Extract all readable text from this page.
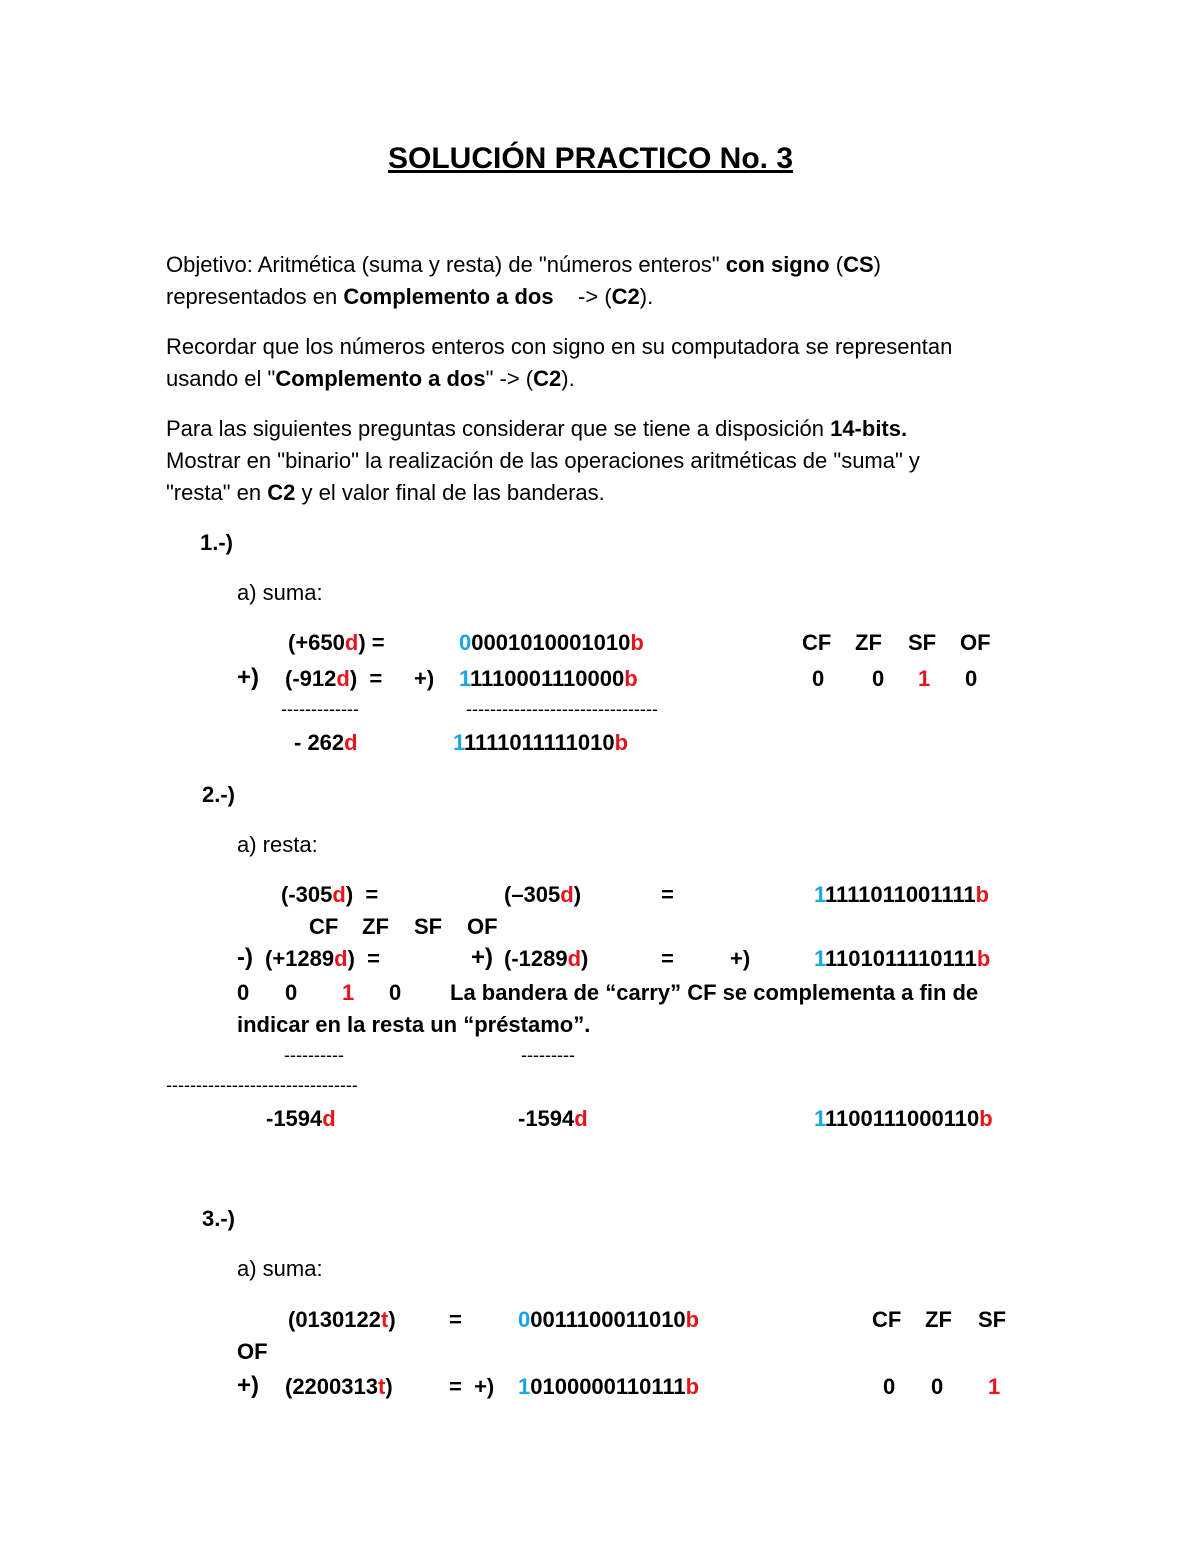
SOLUCIÓN PRACTICO No. 3
Objetivo: Aritmética (suma y resta) de "números enteros" con signo (CS)
representados en Complemento a dos    -> (C2).
Recordar que los números enteros con signo en su computadora se representan
usando el "Complemento a dos" -> (C2).
Para las siguientes preguntas considerar que se tiene a disposición 14-bits.
Mostrar en "binario" la realización de las operaciones aritméticas de "suma" y
"resta" en C2 y el valor final de las banderas.
1.-)
a) suma:
(+650d) =	00001010001010b	CF ZF SF OF
+) (-912d)  = +) 11110001110000b	0 0 1 0
-------------	--------------------------------
- 262d	11111011111010b
2.-)
a) resta:
(-305d)  =	(–305d)	=	11111011001111b
CF ZF SF OF
-) (+1289d)  =	+) (-1289d)	=	+)	11101011110111b
0 0 1 0 La bandera de “carry” CF se complementa a fin de
indicar en la resta un “préstamo”.
----------	---------
--------------------------------
-1594d	-1594d	11100111000110b
3.-)
a) suma:
(0130122t) =	00011100011010b	CF ZF SF
OF
+) (2200313t)	=  +) 10100000110111b	0 0 1
